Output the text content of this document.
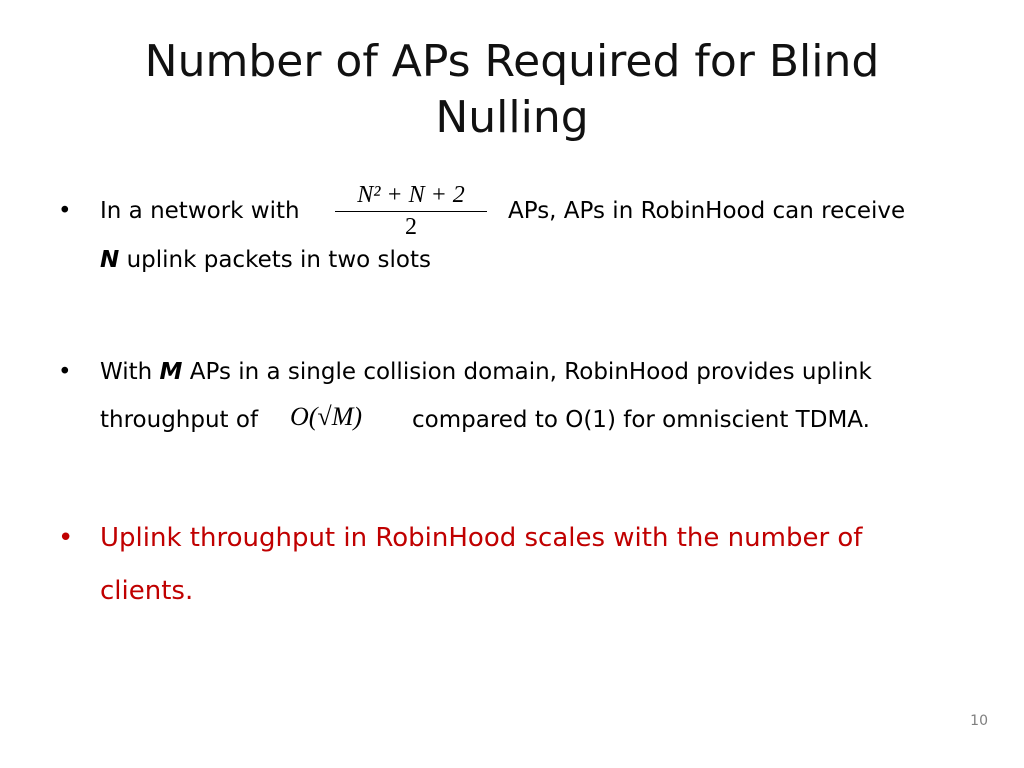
Number of APs Required for Blind
Nulling
• In a network with
N² + N + 2
2
APs, APs in RobinHood can receive
N uplink packets in two slots
• With M APs in a single collision domain, RobinHood provides uplink
throughput of O(√M) compared to O(1) for omniscient TDMA.
• Uplink throughput in RobinHood scales with the number of
clients.
10
